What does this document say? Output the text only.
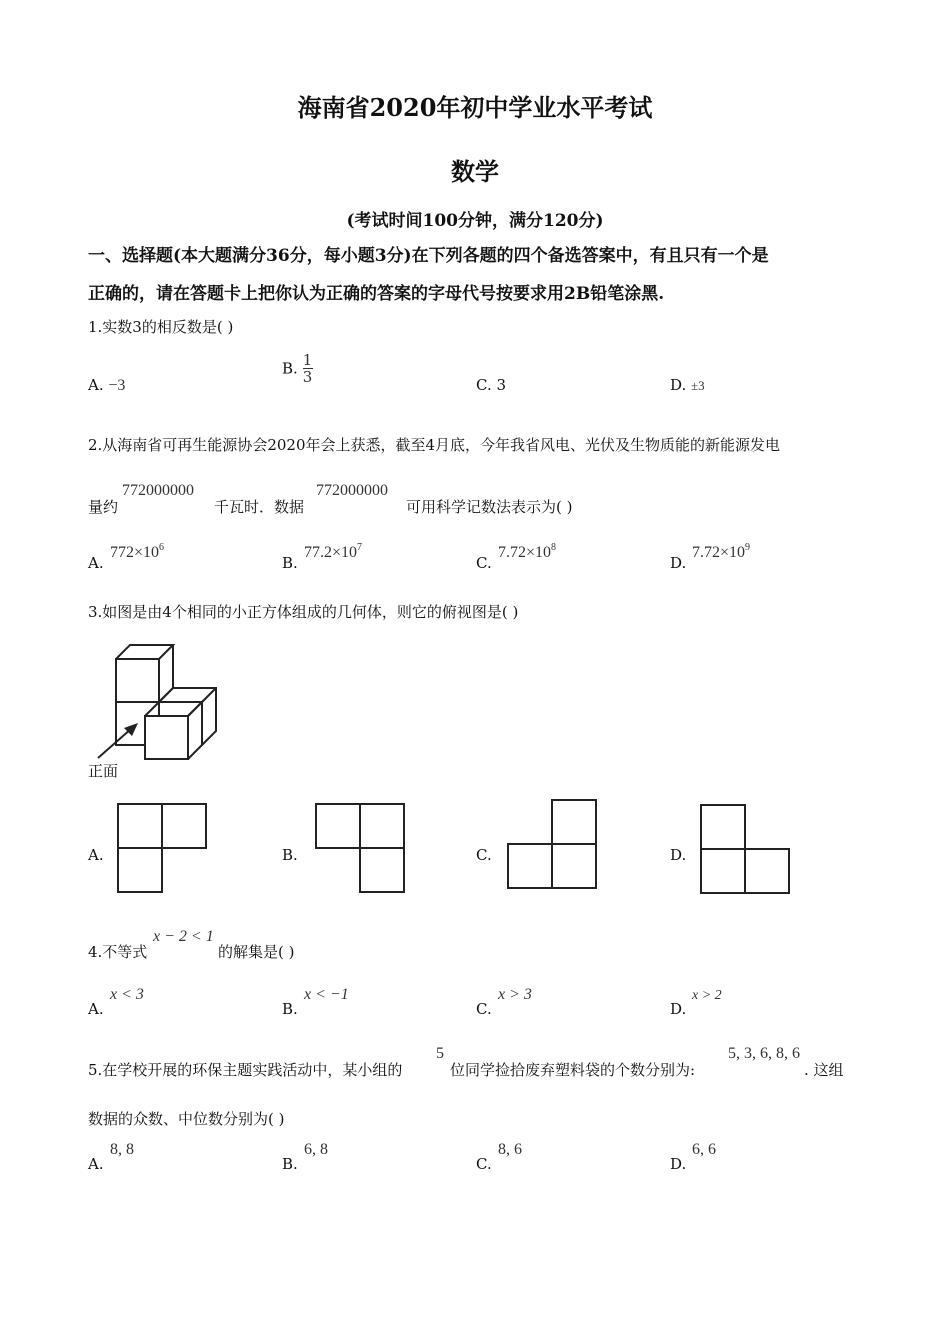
海南省2020年初中学业水平考试
数学
(考试时间100分钟，满分120分)
一、选择题(本大题满分36分，每小题3分)在下列各题的四个备选答案中，有且只有一个是
正确的，请在答题卡上把你认为正确的答案的字母代号按要求用2B铅笔涂黑.
1.实数3的相反数是( )
A. −3
B. $\frac{1}{3}$	C. 3	D. ±3
2.从海南省可再生能源协会2020年会上获悉，截至4月底，今年我省风电、光伏及生物质能的新能源发电
量约
772000000
千瓦时．数据
772000000
可用科学记数法表示为( )
A.
$772\times 10^6$
B.
$77.2\times 10^7$
C.
$7.72\times 10^8$
D.
$7.72\times 10^9$
3.如图是由4个相同的小正方体组成的几何体，则它的俯视图是( )
正面
A.	B.	C.	D.
4.不等式
x − 2 < 1
的解集是( )
A.
x < 3
B.
x < −1
C.
x > 3
D.
x > 2
5.在学校开展的环保主题实践活动中，某小组的
5
位同学捡拾废弃塑料袋的个数分别为:
5, 3, 6, 8, 6
. 这组
数据的众数、中位数分别为( )
A.
8, 8
B.
6, 8
C.
8, 6
D.
6, 6
